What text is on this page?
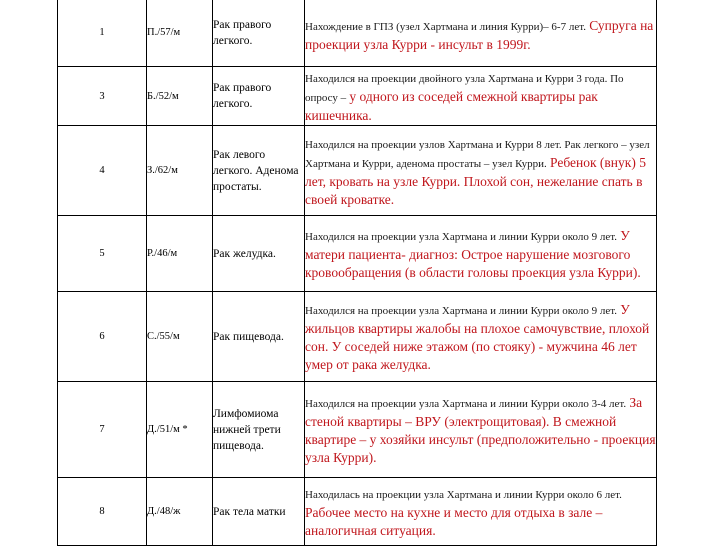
1	П./57/м	Рак правого легкого.	Нахождение в ГПЗ (узел Хартмана и линия Курри)– 6-7 лет. Супруга на проекции узла Курри - инсульт в 1999г.
3	Б./52/м	Рак правого легкого.	Находился на проекции двойного узла Хартмана и Курри 3 года. По опросу – у одного из соседей смежной квартиры рак кишечника.
4	З./62/м	Рак левого легкого. Аденома простаты.	Находился на проекции узлов Хартмана и Курри 8 лет. Рак легкого – узел Хартмана и Курри, аденома простаты – узел Курри. Ребенок (внук) 5 лет, кровать на узле Курри. Плохой сон, нежелание спать в своей кроватке.
5	Р./46/м	Рак желудка.	Находился на проекции узла Хартмана и линии Курри около 9 лет. У матери пациента- диагноз: Острое нарушение мозгового кровообращения (в области головы проекция узла Курри).
6	С./55/м	Рак пищевода.	Находился на проекции узла Хартмана и линии Курри около 9 лет. У жильцов квартиры жалобы на плохое самочувствие, плохой сон. У соседей ниже этажом (по стояку) - мужчина 46 лет умер от рака желудка.
7	Д./51/м *	Лимфомиома нижней трети пищевода.	Находился на проекции узла Хартмана и линии Курри около 3-4 лет. За стеной квартиры – ВРУ (электрощитовая). В смежной квартире – у хозяйки инсульт (предположительно - проекция узла Курри).
8	Д./48/ж	Рак тела матки	Находилась на проекции узла Хартмана и линии Курри около 6 лет. Рабочее место на кухне и место для отдыха в зале – аналогичная ситуация.
